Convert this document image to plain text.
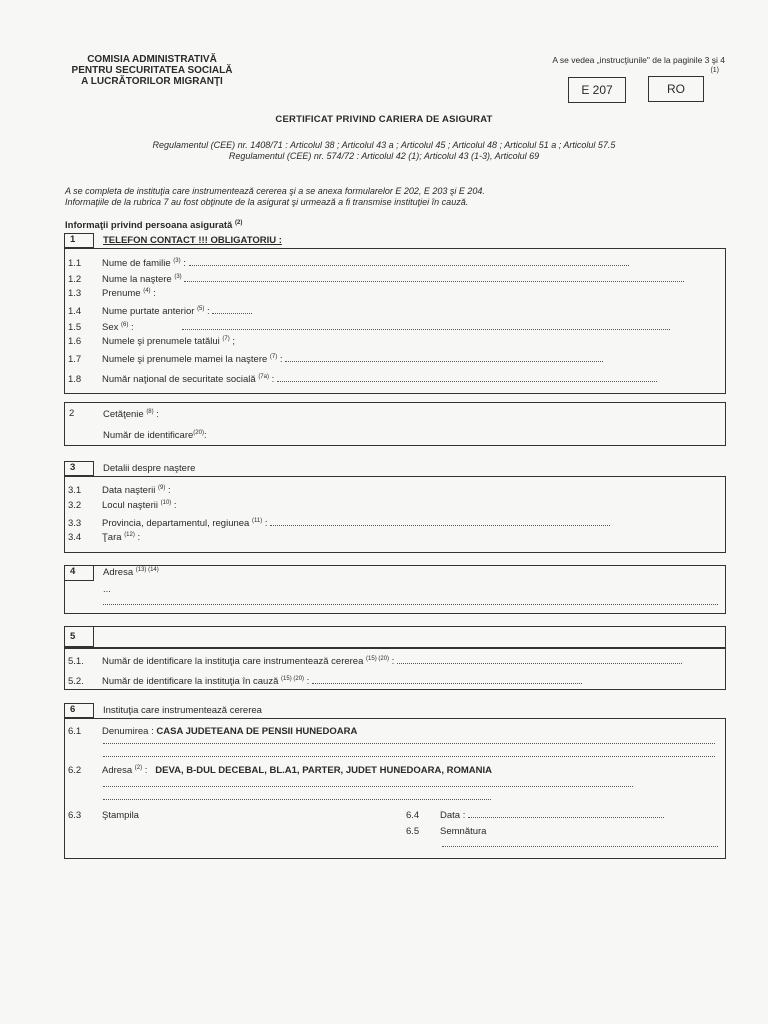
COMISIA ADMINISTRATIVĂ
PENTRU SECURITATEA SOCIALĂ
A LUCRĂTORILOR MIGRANŢI
A se vedea „instrucţiunile" de la paginile 3 şi 4
(1)
E 207	RO
CERTIFICAT PRIVIND CARIERA DE ASIGURAT
Regulamentul (CEE) nr. 1408/71 : Articolul 38 ; Articolul 43 a ; Articolul 45 ; Articolul 48 ; Articolul 51 a ; Articolul 57.5
Regulamentul (CEE) nr. 574/72 : Articolul 42 (1); Articolul 43 (1-3), Articolul 69
A se completa de instituţia care instrumentează cererea şi a se anexa formularelor E 202, E 203 şi E 204.
Informaţiile de la rubrica 7 au fost obţinute de la asigurat şi urmează a fi transmise instituţiei în cauză.
Informaţii privind persoana asigurată $^{(2)}$
1	TELEFON CONTACT !!! OBLIGATORIU :
1.1 Nume de familie $^{(3)}$ :
1.2 Nume la naştere $^{(3)}$
1.3 Prenume $^{(4)}$ :
1.4 Nume purtate anterior $^{(5)}$ :
1.5 Sex $^{(6)}$ :
1.6 Numele şi prenumele tatălui $^{(7)}$ ;
1.7 Numele şi prenumele mamei la naştere $^{(7)}$ :
1.8 Număr naţional de securitate socială $^{(7a)}$ :
2	Cetăţenie $^{(8)}$ :
Număr de identificare$^{(20)}$:
3	Detalii despre naştere
3.1 Data naşterii $^{(9)}$ :
3.2 Locul naşterii $^{(10)}$ :
3.3 Provincia, departamentul, regiunea $^{(11)}$ :
3.4 Ţara $^{(12)}$ :
4	Adresa $^{(13) (14)}$
...
5
5.1. Număr de identificare la instituţia care instrumentează cererea $^{(15) (20)}$ :
5.2. Număr de identificare la instituţia în cauză $^{(15) (20)}$ :
6	Instituţia care instrumentează cererea
6.1 Denumirea : CASA JUDETEANA DE PENSII HUNEDOARA
6.2 Adresa $^{(2)}$ :   DEVA, B-DUL DECEBAL, BL.A1, PARTER, JUDET HUNEDOARA, ROMANIA
6.3 Ştampila	6.4 Data :
6.5 Semnătura
